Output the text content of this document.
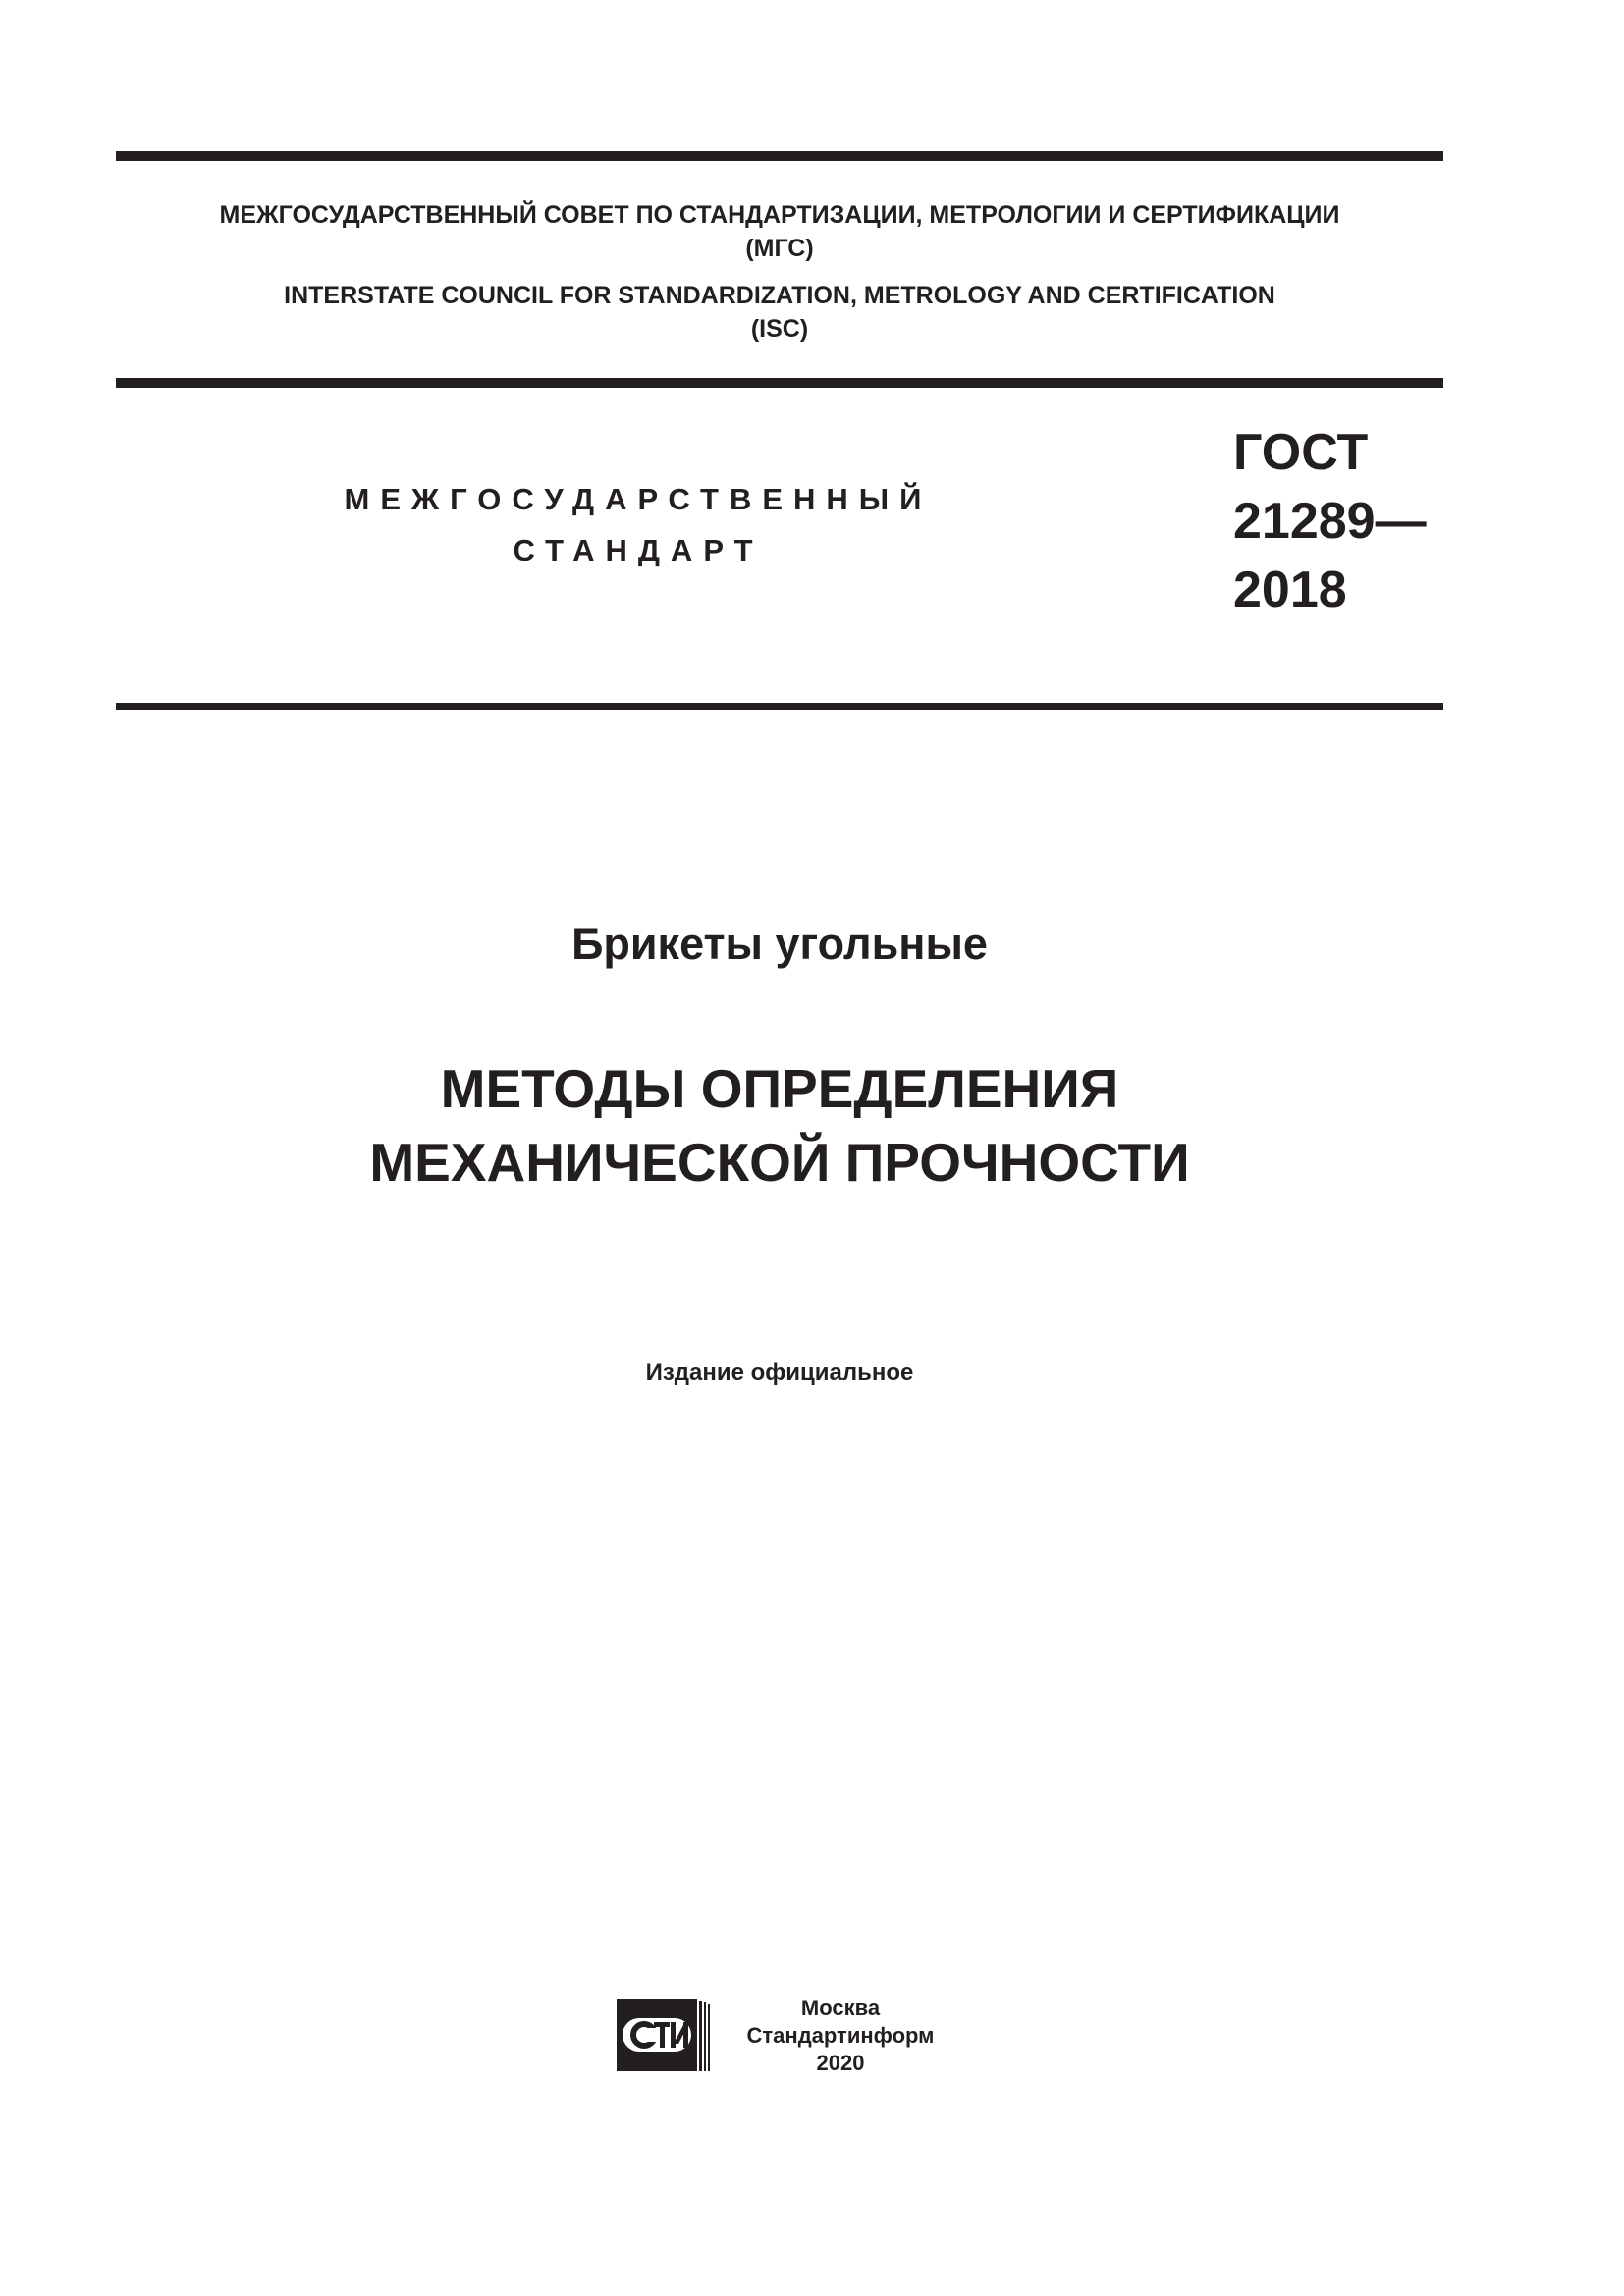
МЕЖГОСУДАРСТВЕННЫЙ СОВЕТ ПО СТАНДАРТИЗАЦИИ, МЕТРОЛОГИИ И СЕРТИФИКАЦИИ
(МГС)
INTERSTATE COUNCIL FOR STANDARDIZATION, METROLOGY AND CERTIFICATION
(ISC)
МЕЖГОСУДАРСТВЕННЫЙ
СТАНДАРТ
ГОСТ
21289—
2018
Брикеты угольные
МЕТОДЫ ОПРЕДЕЛЕНИЯ
МЕХАНИЧЕСКОЙ ПРОЧНОСТИ
Издание официальное
Москва
Стандартинформ
2020
